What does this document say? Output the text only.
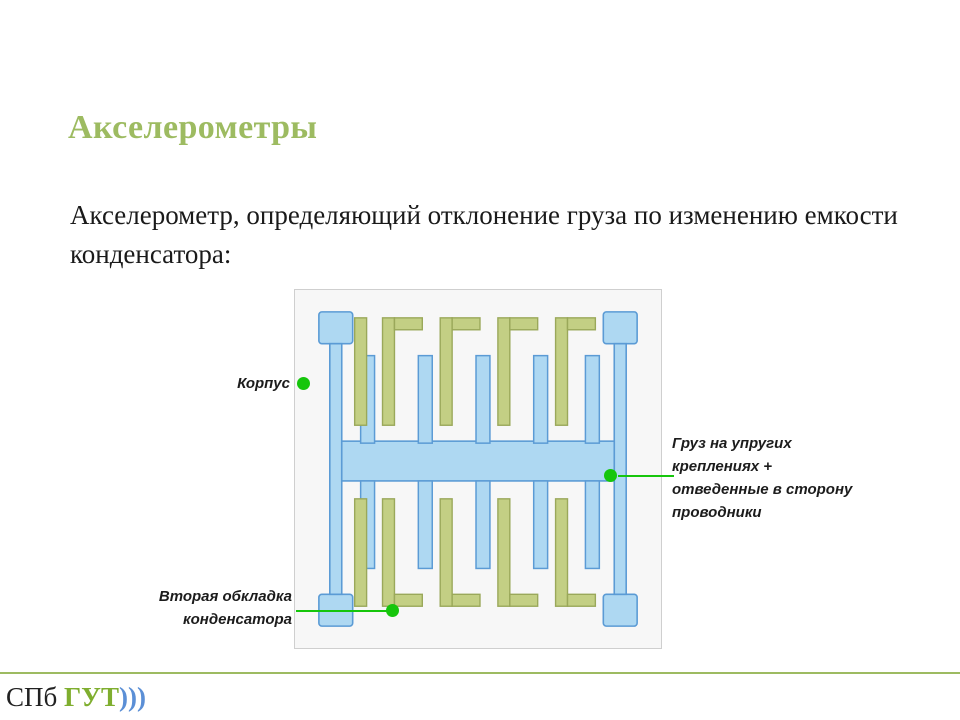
Акселерометры
Акселерометр, определяющий отклонение груза по изменению емкости конденсатора:
Корпус
Груз на упругих креплениях + отведенные в сторону проводники
Вторая обкладка конденсатора
СПб ГУТ)))
